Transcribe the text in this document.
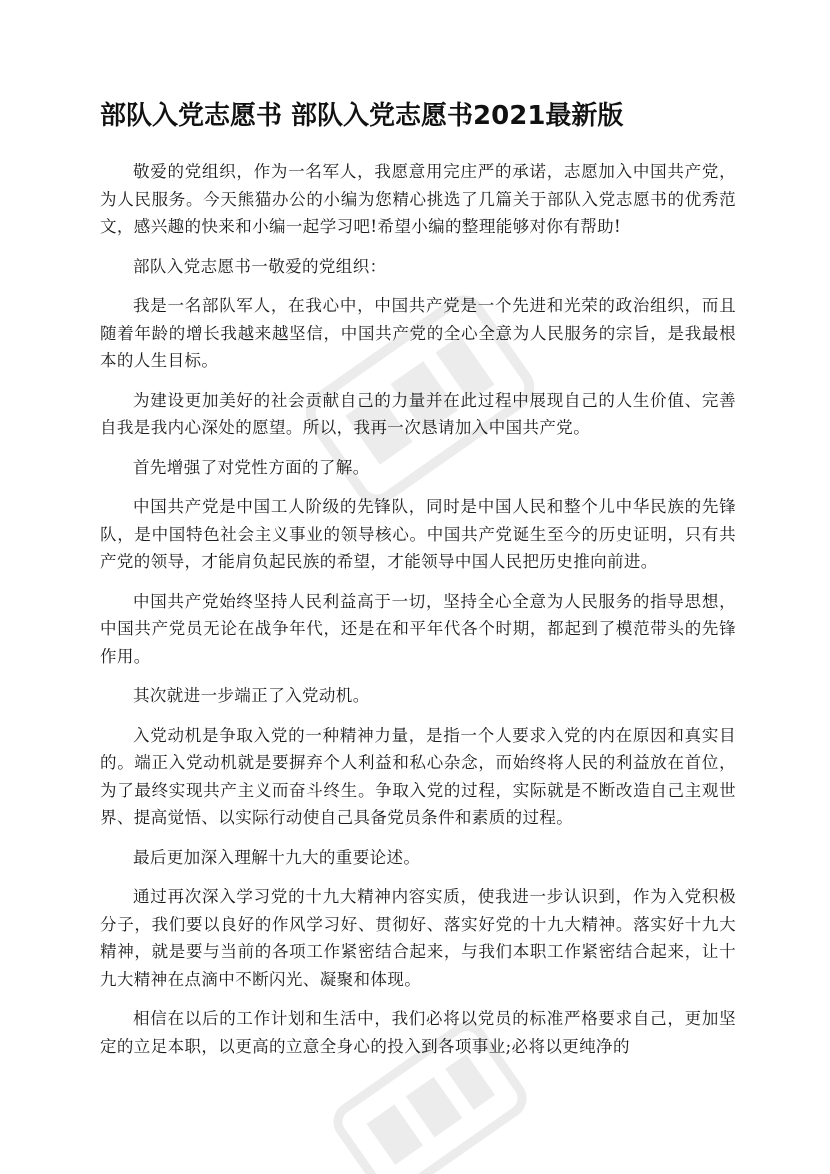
部队入党志愿书 部队入党志愿书2021最新版

敬爱的党组织，作为一名军人，我愿意用完庄严的承诺，志愿加入中国共产党，为人民服务。今天熊猫办公的小编为您精心挑选了几篇关于部队入党志愿书的优秀范文，感兴趣的快来和小编一起学习吧!希望小编的整理能够对你有帮助!

部队入党志愿书一敬爱的党组织：

我是一名部队军人，在我心中，中国共产党是一个先进和光荣的政治组织，而且随着年龄的增长我越来越坚信，中国共产党的全心全意为人民服务的宗旨，是我最根本的人生目标。

为建设更加美好的社会贡献自己的力量并在此过程中展现自己的人生价值、完善自我是我内心深处的愿望。所以，我再一次恳请加入中国共产党。

首先增强了对党性方面的了解。

中国共产党是中国工人阶级的先锋队，同时是中国人民和整个儿中华民族的先锋队，是中国特色社会主义事业的领导核心。中国共产党诞生至今的历史证明，只有共产党的领导，才能肩负起民族的希望，才能领导中国人民把历史推向前进。

中国共产党始终坚持人民利益高于一切，坚持全心全意为人民服务的指导思想，中国共产党员无论在战争年代，还是在和平年代各个时期，都起到了模范带头的先锋作用。

其次就进一步端正了入党动机。

入党动机是争取入党的一种精神力量，是指一个人要求入党的内在原因和真实目的。端正入党动机就是要摒弃个人利益和私心杂念，而始终将人民的利益放在首位，为了最终实现共产主义而奋斗终生。争取入党的过程，实际就是不断改造自己主观世界、提高觉悟、以实际行动使自己具备党员条件和素质的过程。

最后更加深入理解十九大的重要论述。

通过再次深入学习党的十九大精神内容实质，使我进一步认识到，作为入党积极分子，我们要以良好的作风学习好、贯彻好、落实好党的十九大精神。落实好十九大精神，就是要与当前的各项工作紧密结合起来，与我们本职工作紧密结合起来，让十九大精神在点滴中不断闪光、凝聚和体现。

相信在以后的工作计划和生活中，我们必将以党员的标准严格要求自己，更加坚定的立足本职，以更高的立意全身心的投入到各项事业;必将以更纯净的
